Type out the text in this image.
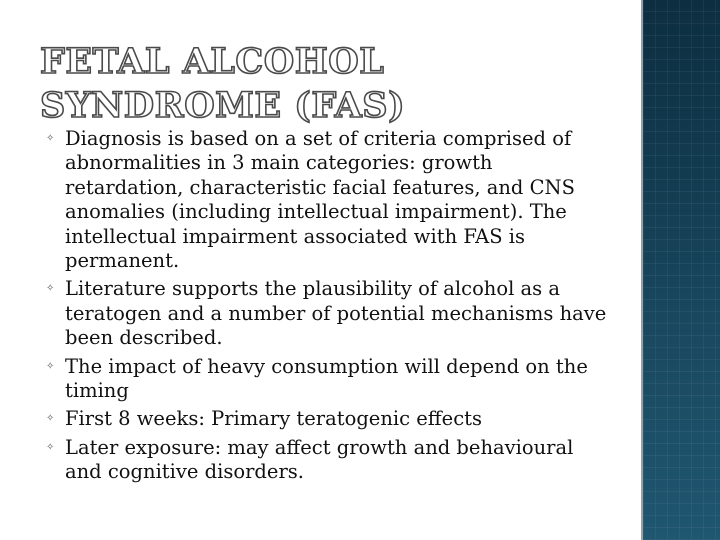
FETAL ALCOHOL SYNDROME (FAS)
✧ Diagnosis is based on a set of criteria comprised of abnormalities in 3 main categories: growth retardation, characteristic facial features, and CNS anomalies (including intellectual impairment). The intellectual impairment associated with FAS is permanent.
✧ Literature supports the plausibility of alcohol as a teratogen and a number of potential mechanisms have been described.
✧ The impact of heavy consumption will depend on the timing
✧ First 8 weeks: Primary teratogenic effects
✧ Later exposure: may affect growth and behavioural and cognitive disorders.
